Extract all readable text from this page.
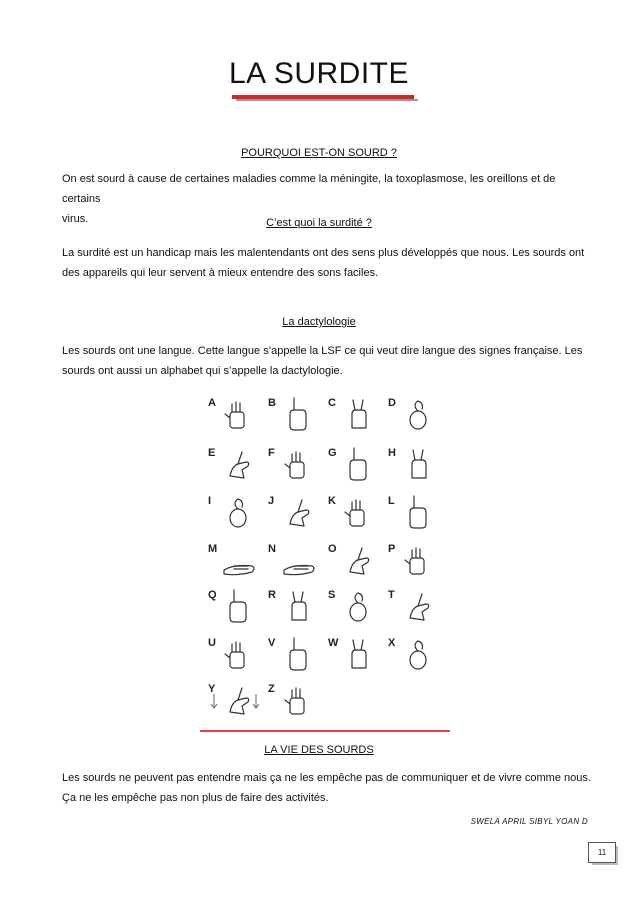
LA SURDITE
POURQUOI EST-ON SOURD ?
On est sourd à cause de certaines maladies comme la méningite, la toxoplasmose, les oreillons et de certains
virus.	C’est quoi la surdité ?
La surdité est un handicap mais les malentendants ont des sens plus développés que nous. Les sourds ont
des appareils qui leur servent à mieux entendre des sons faciles.
La dactylologie
Les sourds ont une langue. Cette langue s’appelle la LSF ce qui veut dire langue des signes française. Les
sourds ont aussi un alphabet qui s’appelle la dactylologie.
A	B	C	D
E	F	G	H
I	J	K	L
M	N	O	P
Q	R	S	T
U	V	W	X
Y	Z
LA VIE DES SOURDS
Les sourds ne peuvent pas entendre mais ça ne les empêche pas de communiquer et de vivre comme nous.
Ça ne les empêche pas non plus de faire des activités.
SWELA APRIL SIBYL YOAN D
11
